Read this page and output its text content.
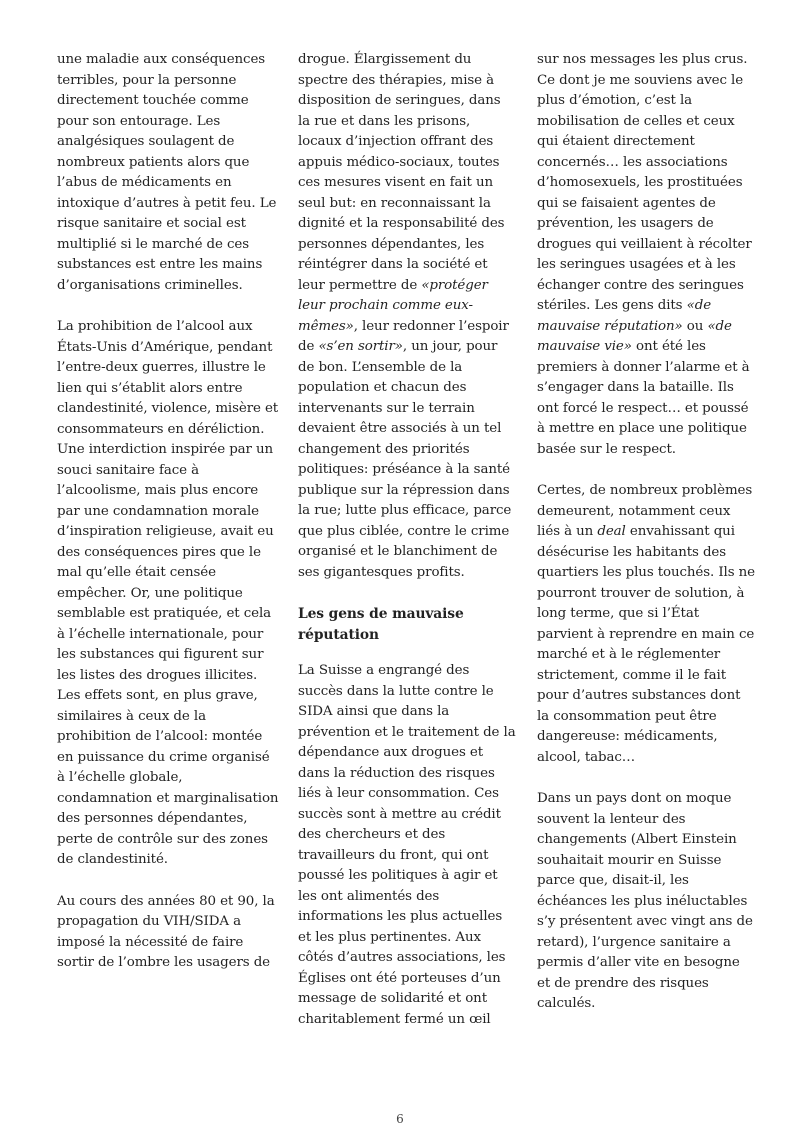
une maladie aux conséquences terribles, pour la personne directement touchée comme pour son entourage. Les analgésiques soulagent de nombreux patients alors que l’abus de médicaments en intoxique d’autres à petit feu. Le risque sanitaire et social est multiplié si le marché de ces substances est entre les mains d’organisations criminelles.

La prohibition de l’alcool aux États-Unis d’Amérique, pendant l’entre-deux guerres, illustre le lien qui s’établit alors entre clandestinité, violence, misère et consommateurs en déréliction. Une interdiction inspirée par un souci sanitaire face à l’alcoolisme, mais plus encore par une condamnation morale d’inspiration religieuse, avait eu des conséquences pires que le mal qu’elle était censée empêcher. Or, une politique semblable est pratiquée, et cela à l’échelle internationale, pour les substances qui figurent sur les listes des drogues illicites. Les effets sont, en plus grave, similaires à ceux de la prohibition de l’alcool: montée en puissance du crime organisé à l’échelle globale, condamnation et marginalisation des personnes dépendantes, perte de contrôle sur des zones de clandestinité.

Au cours des années 80 et 90, la propagation du VIH/SIDA a imposé la nécessité de faire sortir de l’ombre les usagers de

drogue. Élargissement du spectre des thérapies, mise à disposition de seringues, dans la rue et dans les prisons, locaux d’injection offrant des appuis médico-sociaux, toutes ces mesures visent en fait un seul but: en reconnaissant la dignité et la responsabilité des personnes dépendantes, les réintégrer dans la société et leur permettre de «protéger leur prochain comme eux-mêmes», leur redonner l’espoir de «s’en sortir», un jour, pour de bon. L’ensemble de la population et chacun des intervenants sur le terrain devaient être associés à un tel changement des priorités politiques: préséance à la santé publique sur la répression dans la rue; lutte plus efficace, parce que plus ciblée, contre le crime organisé et le blanchiment de ses gigantesques profits.

Les gens de mauvaise réputation

La Suisse a engrangé des succès dans la lutte contre le SIDA ainsi que dans la prévention et le traitement de la dépendance aux drogues et dans la réduction des risques liés à leur consommation. Ces succès sont à mettre au crédit des chercheurs et des travailleurs du front, qui ont poussé les politiques à agir et les ont alimentés des informations les plus actuelles et les plus pertinentes. Aux côtés d’autres associations, les Églises ont été porteuses d’un message de solidarité et ont charitablement fermé un œil

sur nos messages les plus crus. Ce dont je me souviens avec le plus d’émotion, c’est la mobilisation de celles et ceux qui étaient directement concernés… les associations d’homosexuels, les prostituées qui se faisaient agentes de prévention, les usagers de drogues qui veillaient à récolter les seringues usagées et à les échanger contre des seringues stériles. Les gens dits «de mauvaise réputation» ou «de mauvaise vie» ont été les premiers à donner l’alarme et à s’engager dans la bataille. Ils ont forcé le respect… et poussé à mettre en place une politique basée sur le respect.

Certes, de nombreux problèmes demeurent, notamment ceux liés à un deal envahissant qui désécurise les habitants des quartiers les plus touchés. Ils ne pourront trouver de solution, à long terme, que si l’État parvient à reprendre en main ce marché et à le réglementer strictement, comme il le fait pour d’autres substances dont la consommation peut être dangereuse: médicaments, alcool, tabac…

Dans un pays dont on moque souvent la lenteur des changements (Albert Einstein souhaitait mourir en Suisse parce que, disait-il, les échéances les plus inéluctables s’y présentent avec vingt ans de retard), l’urgence sanitaire a permis d’aller vite en besogne et de prendre des risques calculés.

6
